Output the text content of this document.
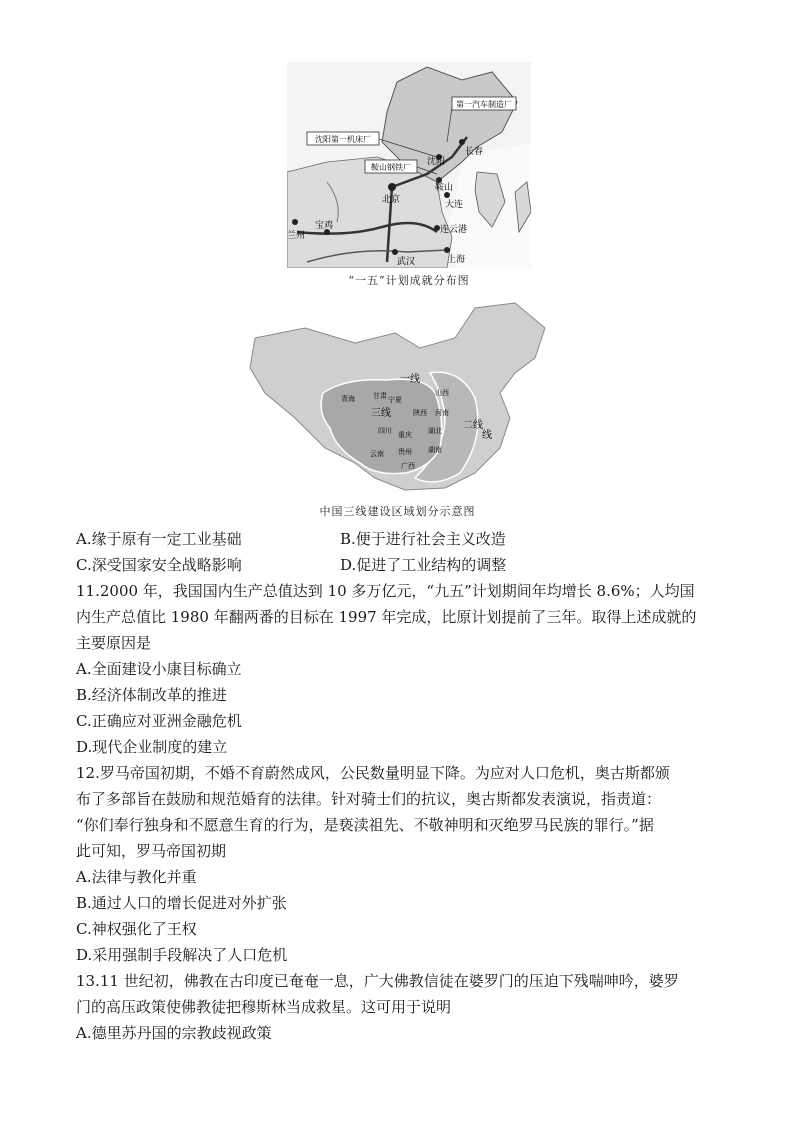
沈阳第一机床厂
第一汽车制造厂
鞍山钢铁厂
沈阳
长春
北京
鞍山
大连
宝鸡
兰州
武汉
连云港
上海
“一五”计划成就分布图
一线
二线
线
三线
青海	甘肃 宁夏
山西
陕西 河南
四川 重庆 湖北
云南 贵州 湖南
广西
中国三线建设区域划分示意图
A.缘于原有一定工业基础	B.便于进行社会主义改造
C.深受国家安全战略影响	D.促进了工业结构的调整
11.2000 年，我国国内生产总值达到 10 多万亿元，“九五”计划期间年均增长 8.6%；人均国
内生产总值比 1980 年翻两番的目标在 1997 年完成，比原计划提前了三年。取得上述成就的
主要原因是
A.全面建设小康目标确立
B.经济体制改革的推进
C.正确应对亚洲金融危机
D.现代企业制度的建立
12.罗马帝国初期，不婚不育蔚然成风，公民数量明显下降。为应对人口危机，奥古斯都颁
布了多部旨在鼓励和规范婚育的法律。针对骑士们的抗议，奥古斯都发表演说，指责道：
“你们奉行独身和不愿意生育的行为，是亵渎祖先、不敬神明和灭绝罗马民族的罪行。”据
此可知，罗马帝国初期
A.法律与教化并重
B.通过人口的增长促进对外扩张
C.神权强化了王权
D.采用强制手段解决了人口危机
13.11 世纪初，佛教在古印度已奄奄一息，广大佛教信徒在婆罗门的压迫下残喘呻吟，婆罗
门的高压政策使佛教徒把穆斯林当成救星。这可用于说明
A.德里苏丹国的宗教歧视政策
